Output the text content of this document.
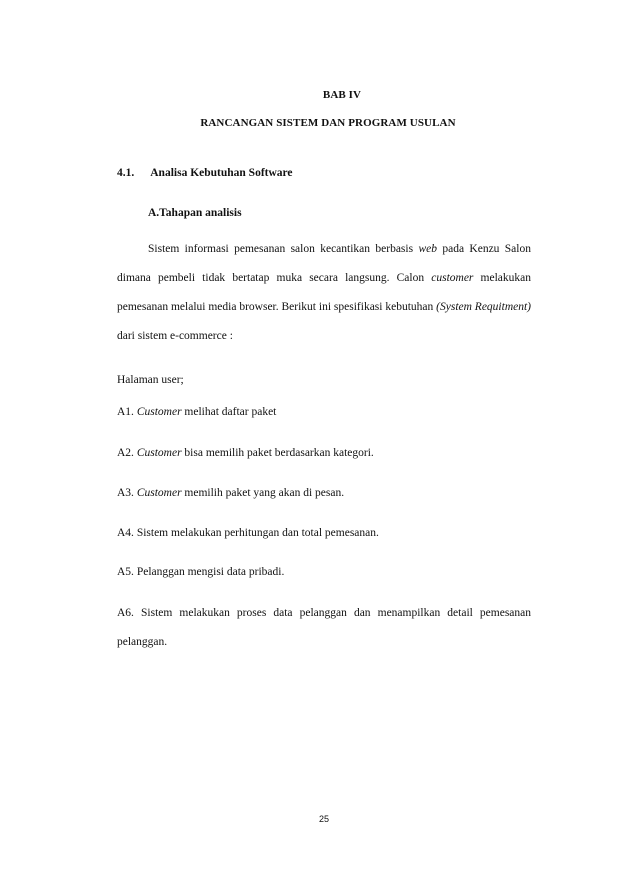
BAB IV
RANCANGAN SISTEM DAN PROGRAM USULAN
4.1. Analisa Kebutuhan Software
A.Tahapan analisis

Sistem informasi pemesanan salon kecantikan berbasis web pada Kenzu Salon dimana pembeli tidak bertatap muka secara langsung. Calon customer melakukan pemesanan melalui media browser. Berikut ini spesifikasi kebutuhan (System Requitment) dari sistem e-commerce :

Halaman user;
A1. Customer melihat daftar paket
A2. Customer bisa memilih paket berdasarkan kategori.
A3. Customer memilih paket yang akan di pesan.
A4. Sistem melakukan perhitungan dan total pemesanan.
A5. Pelanggan mengisi data pribadi.

A6. Sistem melakukan proses data pelanggan dan menampilkan detail pemesanan pelanggan.

25
